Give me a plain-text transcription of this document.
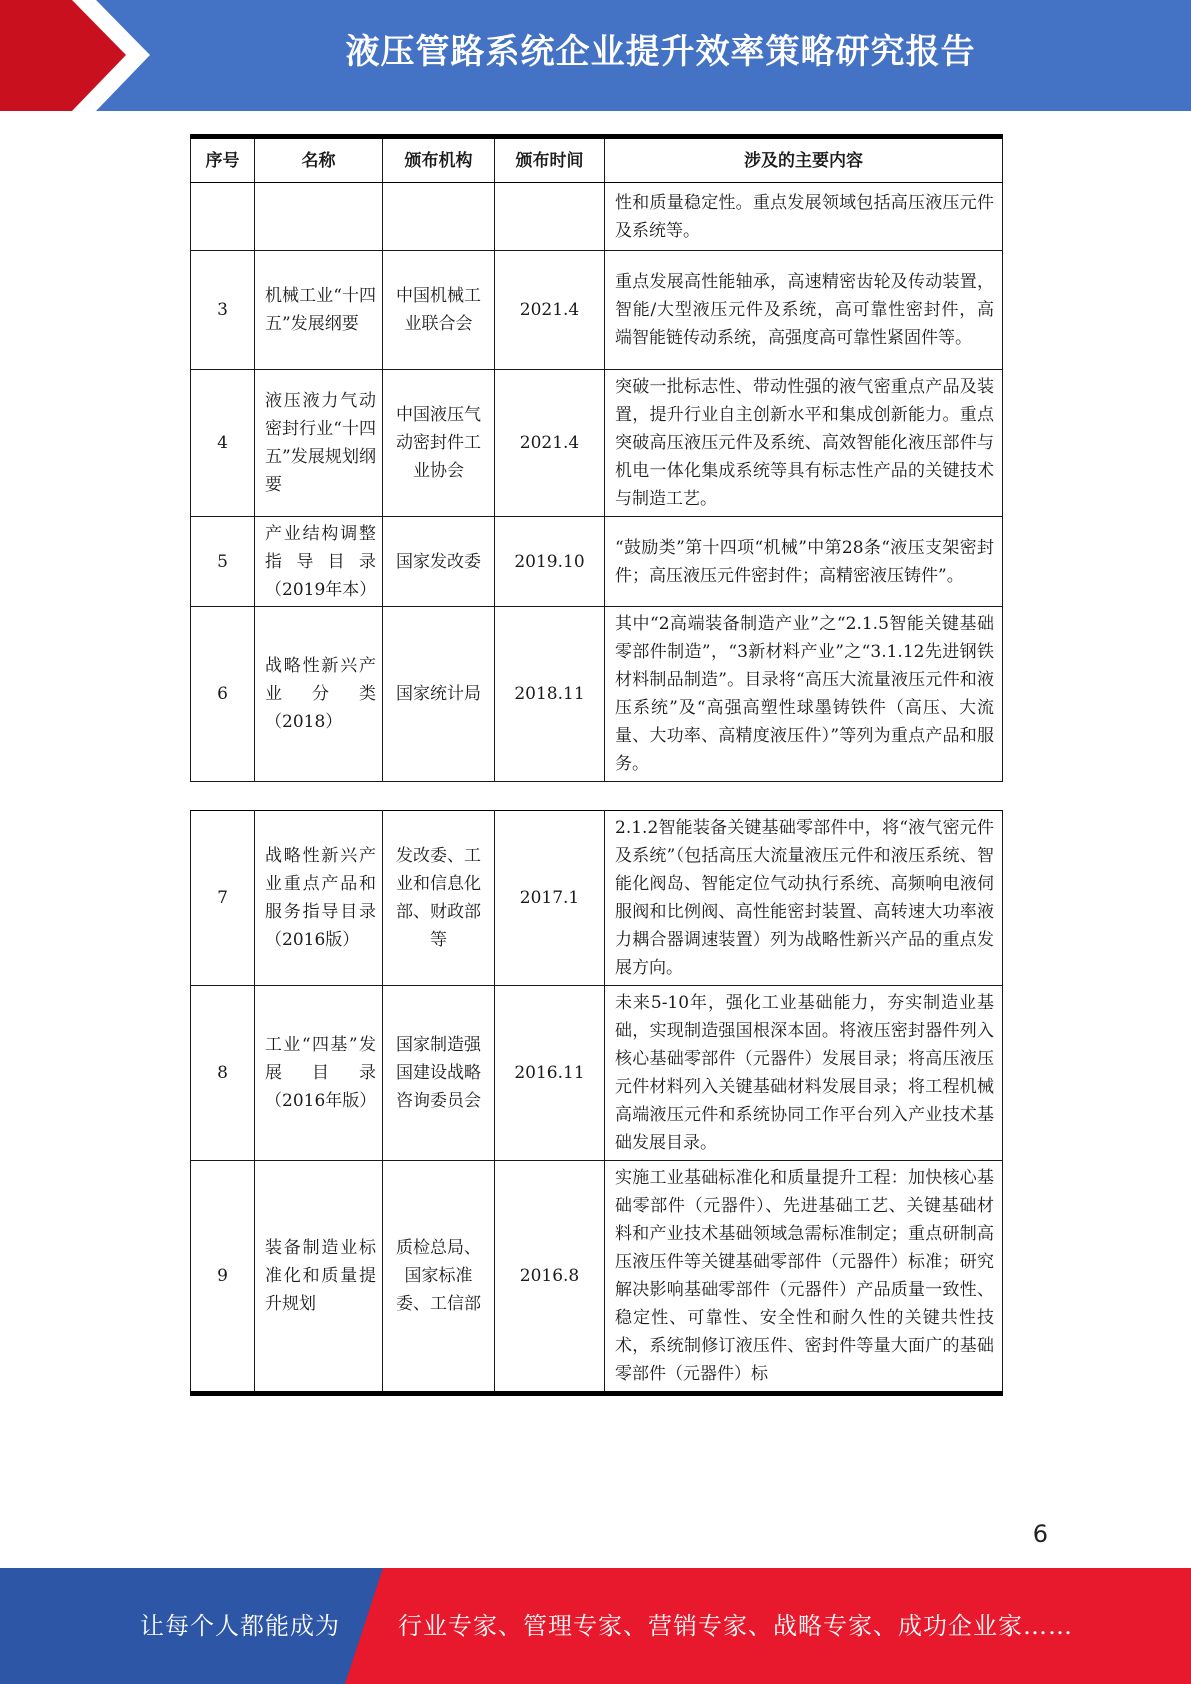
液压管路系统企业提升效率策略研究报告
序号	名称	颁布机构	颁布时间	涉及的主要内容
				性和质量稳定性。重点发展领域包括高压液压元件及系统等。
3	机械工业“十四五”发展纲要	中国机械工业联合会	2021.4	重点发展高性能轴承，高速精密齿轮及传动装置，智能/大型液压元件及系统，高可靠性密封件，高端智能链传动系统，高强度高可靠性紧固件等。
4	液压液力气动密封行业“十四五”发展规划纲要	中国液压气动密封件工业协会	2021.4	突破一批标志性、带动性强的液气密重点产品及装置，提升行业自主创新水平和集成创新能力。重点突破高压液压元件及系统、高效智能化液压部件与机电一体化集成系统等具有标志性产品的关键技术与制造工艺。
5	产业结构调整指导目录（2019年本）	国家发改委	2019.10	“鼓励类”第十四项“机械”中第28条“液压支架密封件；高压液压元件密封件；高精密液压铸件”。
6	战略性新兴产业分类（2018）	国家统计局	2018.11	其中“2高端装备制造产业”之“2.1.5智能关键基础零部件制造”，“3新材料产业”之“3.1.12先进钢铁材料制品制造”。目录将“高压大流量液压元件和液压系统”及“高强高塑性球墨铸铁件（高压、大流量、大功率、高精度液压件）”等列为重点产品和服务。
7	战略性新兴产业重点产品和服务指导目录（2016版）	发改委、工业和信息化部、财政部等	2017.1	2.1.2智能装备关键基础零部件中，将“液气密元件及系统”（包括高压大流量液压元件和液压系统、智能化阀岛、智能定位气动执行系统、高频响电液伺服阀和比例阀、高性能密封装置、高转速大功率液力耦合器调速装置）列为战略性新兴产品的重点发展方向。
8	工业“四基”发展目录（2016年版）	国家制造强国建设战略咨询委员会	2016.11	未来5-10年，强化工业基础能力，夯实制造业基础，实现制造强国根深本固。将液压密封器件列入核心基础零部件（元器件）发展目录；将高压液压元件材料列入关键基础材料发展目录；将工程机械高端液压元件和系统协同工作平台列入产业技术基础发展目录。
9	装备制造业标准化和质量提升规划	质检总局、国家标准委、工信部	2016.8	实施工业基础标准化和质量提升工程：加快核心基础零部件（元器件）、先进基础工艺、关键基础材料和产业技术基础领域急需标准制定；重点研制高压液压件等关键基础零部件（元器件）标准；研究解决影响基础零部件（元器件）产品质量一致性、稳定性、可靠性、安全性和耐久性的关键共性技术，系统制修订液压件、密封件等量大面广的基础零部件（元器件）标
6
让每个人都能成为 行业专家、管理专家、营销专家、战略专家、成功企业家……
